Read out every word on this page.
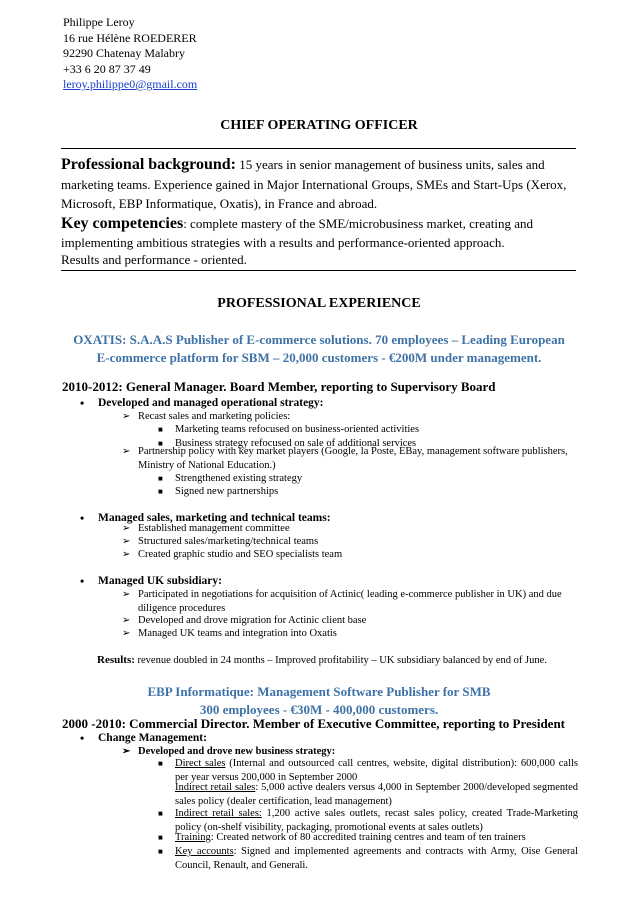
Philippe Leroy
16 rue Hélène ROEDERER
92290 Chatenay Malabry
+33 6 20 87 37 49
leroy.philippe0@gmail.com
CHIEF OPERATING OFFICER
Professional background: 15 years in senior management of business units, sales and
marketing teams. Experience gained in Major International Groups, SMEs and Start-Ups (Xerox,
Microsoft, EBP Informatique, Oxatis), in France and abroad.
Key competencies: complete mastery of the SME/microbusiness market, creating and
implementing ambitious strategies with a results and performance-oriented approach.
Results and performance - oriented.
PROFESSIONAL EXPERIENCE
OXATIS: S.A.A.S Publisher of E-commerce solutions. 70 employees – Leading European
E-commerce platform for SBM – 20,000 customers - €200M under management.
2010-2012: General Manager. Board Member, reporting to Supervisory Board
• Developed and managed operational strategy:
➢ Recast sales and marketing policies:
■ Marketing teams refocused on business-oriented activities
■ Business strategy refocused on sale of additional services
➢ Partnership policy with key market players (Google, la Poste, EBay, management software publishers, Ministry of National Education.)
■ Strengthened existing strategy
■ Signed new partnerships
• Managed sales, marketing and technical teams:
➢ Established management committee
➢ Structured sales/marketing/technical teams
➢ Created graphic studio and SEO specialists team
• Managed UK subsidiary:
➢ Participated in negotiations for acquisition of Actinic( leading e-commerce publisher in UK) and due diligence procedures
➢ Developed and drove migration for Actinic client base
➢ Managed UK teams and integration into Oxatis
Results: revenue doubled in 24 months – Improved profitability – UK subsidiary balanced by end of June.
EBP Informatique: Management Software Publisher for SMB
300 employees - €30M - 400,000 customers.
2000 -2010: Commercial Director. Member of Executive Committee, reporting to President
• Change Management:
➢ Developed and drove new business strategy:
■ Direct sales (Internal and outsourced call centres, website, digital distribution): 600,000 calls per year versus 200,000 in September 2000
Indirect retail sales: 5,000 active dealers versus 4,000 in September 2000/developed segmented sales policy (dealer certification, lead management)
■ Indirect retail sales: 1,200 active sales outlets, recast sales policy, created Trade-Marketing policy (on-shelf visibility, packaging, promotional events at sales outlets)
■ Training: Created network of 80 accredited training centres and team of ten trainers
■ Key accounts: Signed and implemented agreements and contracts with Army, Oise General Council, Renault, and Generali.
